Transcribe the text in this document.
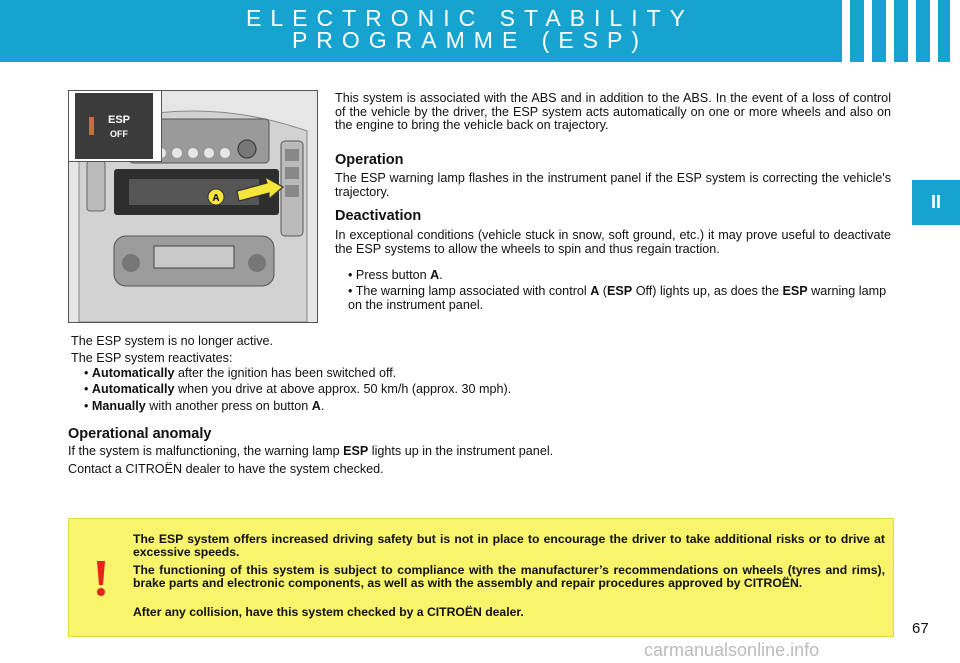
ELECTRONIC STABILITY
PROGRAMME (ESP)
II
A
ESP
OFF
This system is associated with the ABS and in addition to the ABS. In the event of a loss of control of the vehicle by the driver, the ESP system acts automatically on one or more wheels and also on the engine to bring the vehicle back on trajectory.
Operation
The ESP warning lamp flashes in the instrument panel if the ESP system is correcting the vehicle's trajectory.
Deactivation
In exceptional conditions (vehicle stuck in snow, soft ground, etc.) it may prove useful to deactivate the ESP systems to allow the wheels to spin and thus regain traction.
• Press button A.
• The warning lamp associated with control A (ESP Off) lights up, as does the ESP warning lamp on the instrument panel.
The ESP system is no longer active.
The ESP system reactivates:
• Automatically after the ignition has been switched off.
• Automatically when you drive at above approx. 50 km/h (approx. 30 mph).
• Manually with another press on button A.
Operational anomaly
If the system is malfunctioning, the warning lamp ESP lights up in the instrument panel.
Contact a CITROËN dealer to have the system checked.
The ESP system offers increased driving safety but is not in place to encourage the driver to take additional risks or to drive at excessive speeds.
The functioning of this system is subject to compliance with the manufacturer’s recommendations on wheels (tyres and rims), brake parts and electronic components, as well as with the assembly and repair procedures approved by CITROËN.
After any collision, have this system checked by a CITROËN dealer.
67
carmanualsonline.info
